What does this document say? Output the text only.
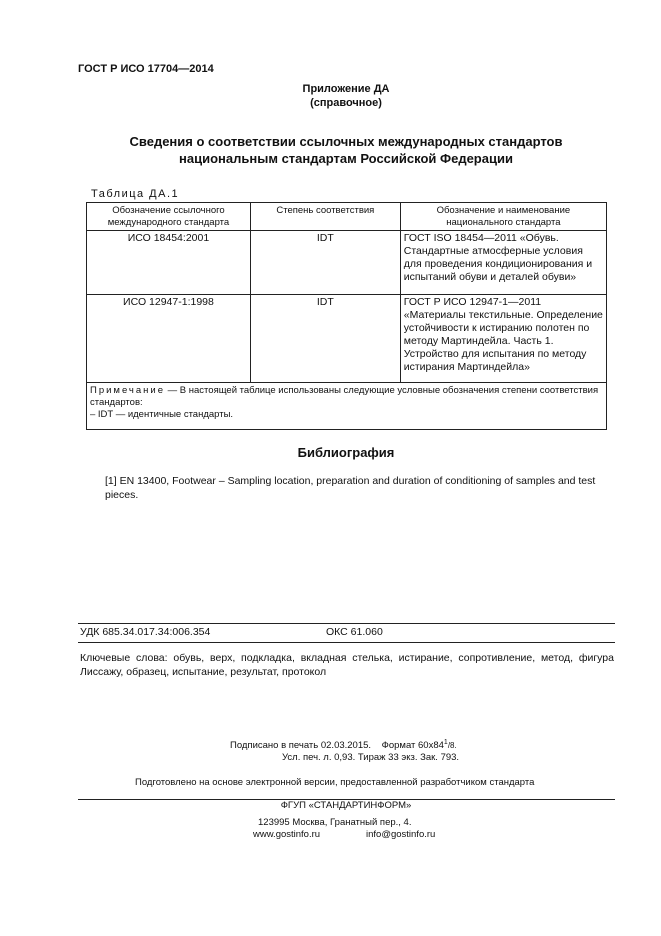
ГОСТ Р ИСО 17704—2014
Приложение ДА
(справочное)
Сведения о соответствии ссылочных международных стандартов
национальным стандартам Российской Федерации
Таблица ДА.1
Обозначение ссылочного международного стандарта	Степень соответствия	Обозначение и наименование национального стандарта
ИСО 18454:2001	IDT	ГОСТ ISO 18454—2011 «Обувь. Стандартные атмосферные условия для проведения кондиционирования и испытаний обуви и деталей обуви»
ИСО 12947-1:1998	IDT	ГОСТ Р ИСО 12947-1—2011 «Материалы текстильные. Определение устойчивости к истиранию полотен по методу Мартиндейла. Часть 1. Устройство для испытания по методу истирания Мартиндейла»
Примечание — В настоящей таблице использованы следующие условные обозначения степени соответствия стандартов:
– IDT — идентичные стандарты.		
Библиография
[1] EN 13400, Footwear – Sampling location, preparation and duration of conditioning of samples and test pieces.
УДК 685.34.017.34:006.354	ОКС 61.060
Ключевые слова: обувь, верх, подкладка, вкладная стелька, истирание, сопротивление, метод, фигура Лиссажу, образец, испытание, результат, протокол
Подписано в печать 02.03.2015. Формат $60x84^1/8$.
Усл. печ. л. 0,93. Тираж 33 экз. Зак. 793.
Подготовлено на основе электронной версии, предоставленной разработчиком стандарта
ФГУП «СТАНДАРТИНФОРМ»
123995 Москва, Гранатный пер., 4.
www.gostinfo.ru	info@gostinfo.ru
